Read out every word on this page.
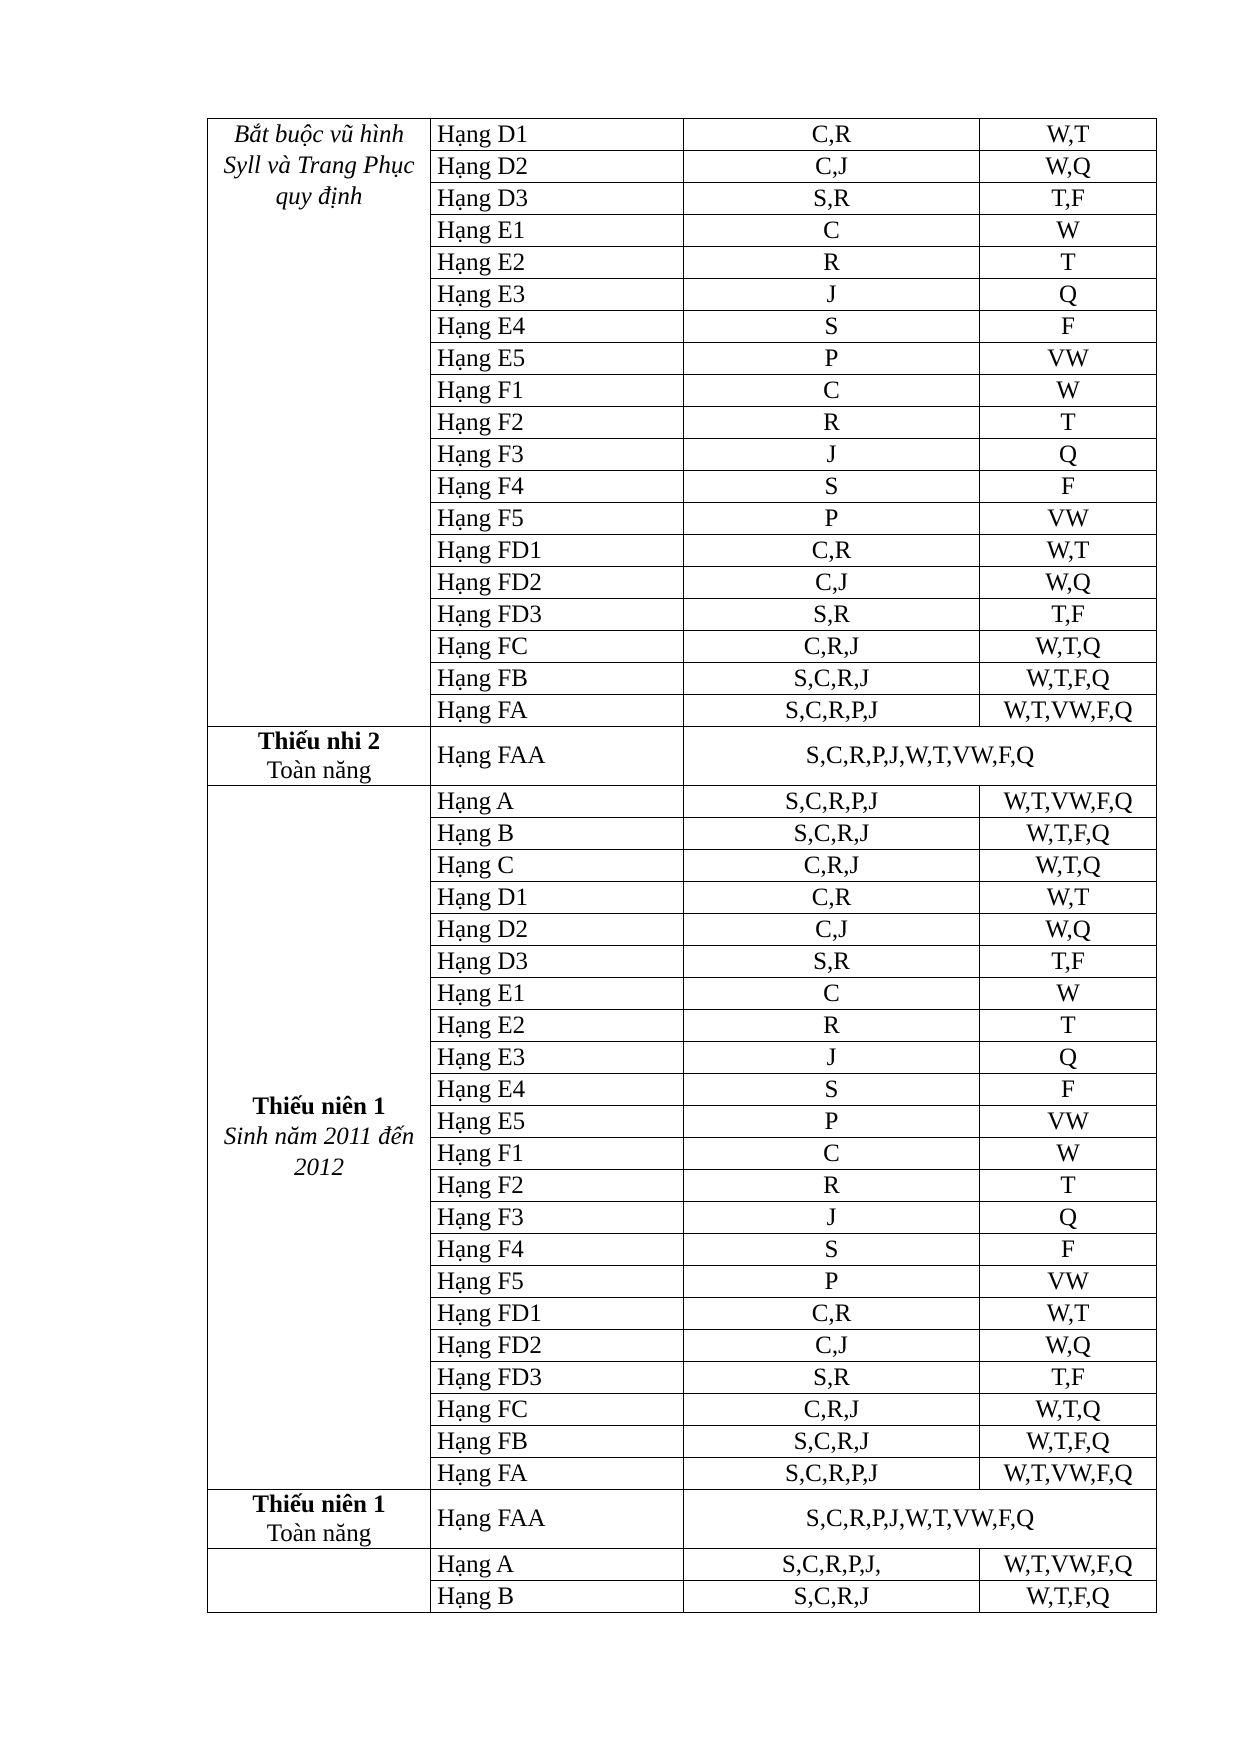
Bắt buộc vũ hình
Syll và Trang Phục
quy định	Hạng D1	C,R	W,T
	Hạng D2	C,J	W,Q
	Hạng D3	S,R	T,F
	Hạng E1	C	W
	Hạng E2	R	T
	Hạng E3	J	Q
	Hạng E4	S	F
	Hạng E5	P	VW
	Hạng F1	C	W
	Hạng F2	R	T
	Hạng F3	J	Q
	Hạng F4	S	F
	Hạng F5	P	VW
	Hạng FD1	C,R	W,T
	Hạng FD2	C,J	W,Q
	Hạng FD3	S,R	T,F
	Hạng FC	C,R,J	W,T,Q
	Hạng FB	S,C,R,J	W,T,F,Q
	Hạng FA	S,C,R,P,J	W,T,VW,F,Q

Thiếu nhi 2
Toàn năng	Hạng FAA	S,C,R,P,J,W,T,VW,F,Q	

Thiếu niên 1
Sinh năm 2011 đến
2012	Hạng A	S,C,R,P,J	W,T,VW,F,Q
	Hạng B	S,C,R,J	W,T,F,Q
	Hạng C	C,R,J	W,T,Q
	Hạng D1	C,R	W,T
	Hạng D2	C,J	W,Q
	Hạng D3	S,R	T,F
	Hạng E1	C	W
	Hạng E2	R	T
	Hạng E3	J	Q
	Hạng E4	S	F
	Hạng E5	P	VW
	Hạng F1	C	W
	Hạng F2	R	T
	Hạng F3	J	Q
	Hạng F4	S	F
	Hạng F5	P	VW
	Hạng FD1	C,R	W,T
	Hạng FD2	C,J	W,Q
	Hạng FD3	S,R	T,F
	Hạng FC	C,R,J	W,T,Q
	Hạng FB	S,C,R,J	W,T,F,Q
	Hạng FA	S,C,R,P,J	W,T,VW,F,Q

Thiếu niên 1
Toàn năng	Hạng FAA	S,C,R,P,J,W,T,VW,F,Q	
	Hạng A	S,C,R,P,J,	W,T,VW,F,Q
	Hạng B	S,C,R,J	W,T,F,Q
